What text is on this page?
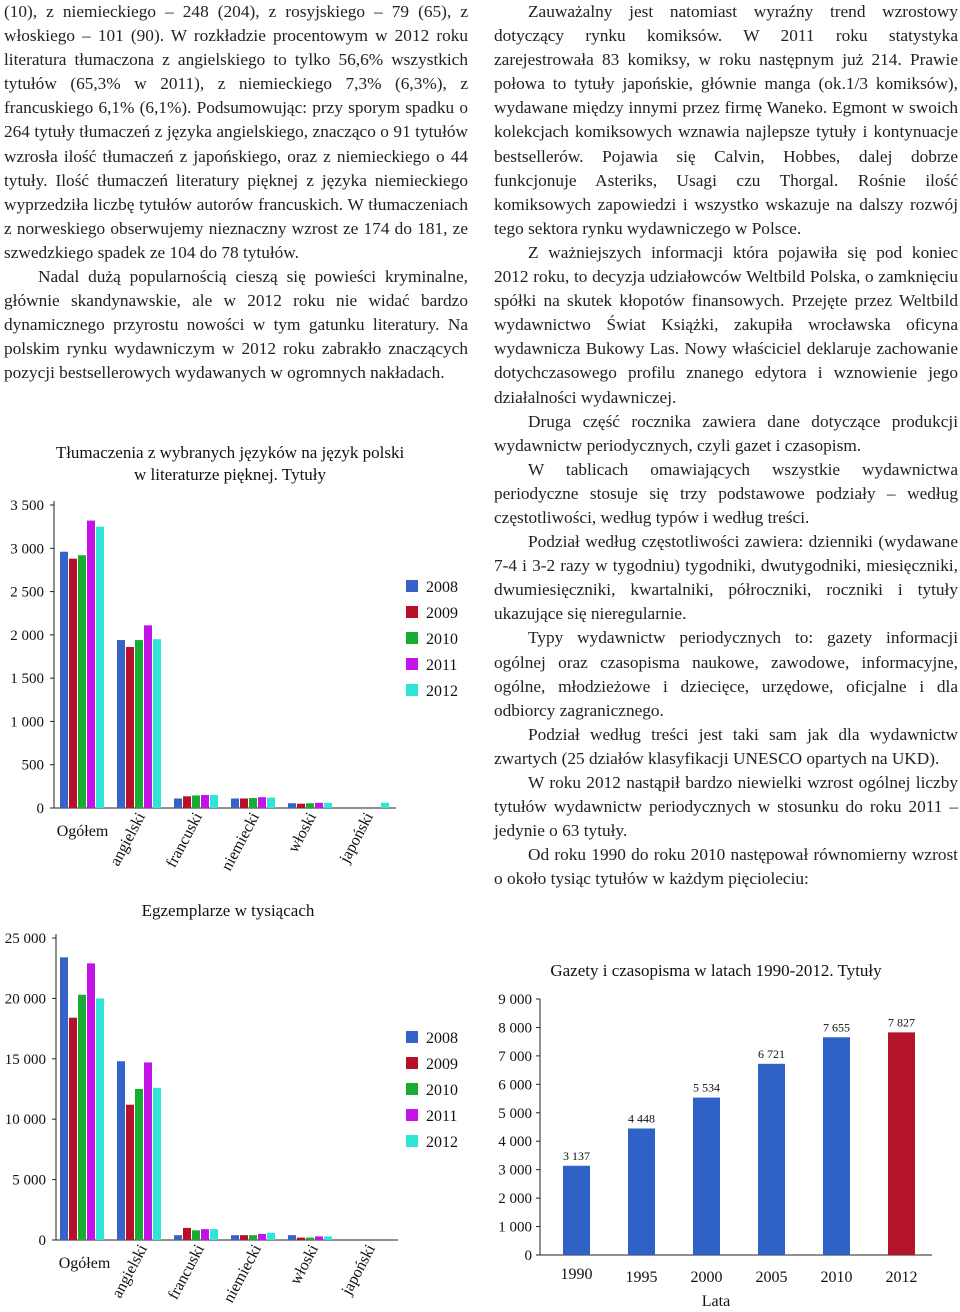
(10), z niemieckiego – 248 (204), z rosyjskiego – 79 (65), z włoskiego – 101 (90). W rozkładzie procentowym w 2012 roku literatura tłumaczona z angielskiego to tylko 56,6% wszystkich tytułów (65,3% w 2011), z niemieckiego 7,3% (6,3%), z francuskiego 6,1% (6,1%). Podsumowując: przy sporym spadku o 264 tytuły tłumaczeń z języka angielskiego, znacząco o 91 tytułów wzrosła ilość tłumaczeń z japońskiego, oraz z niemieckiego o 44 tytuły. Ilość tłumaczeń literatury pięknej z języka niemieckiego wyprzedziła liczbę tytułów autorów francuskich. W tłumaczeniach z norweskiego obserwujemy nieznaczny wzrost ze 174 do 181, ze szwedzkiego spadek ze 104 do 78 tytułów.

Nadal dużą popularnością cieszą się powieści kryminalne, głównie skandynawskie, ale w 2012 roku nie widać bardzo dynamicznego przyrostu nowości w tym gatunku literatury. Na polskim rynku wydawniczym w 2012 roku zabrakło znaczących pozycji bestsellerowych wydawanych w ogromnych nakładach.

Zauważalny jest natomiast wyraźny trend wzrostowy dotyczący rynku komiksów. W 2011 roku statystyka zarejestrowała 83 komiksy, w roku następnym już 214. Prawie połowa to tytuły japońskie, głównie manga (ok.1/3 komiksów), wydawane między innymi przez firmę Waneko. Egmont w swoich kolekcjach komiksowych wznawia najlepsze tytuły i kontynuacje bestsellerów. Pojawia się Calvin, Hobbes, dalej dobrze funkcjonuje Asteriks, Usagi czu Thorgal. Rośnie ilość komiksowych zapowiedzi i wszystko wskazuje na dalszy rozwój tego sektora rynku wydawniczego w Polsce.

Z ważniejszych informacji która pojawiła się pod koniec 2012 roku, to decyzja udziałowców Weltbild Polska, o zamknięciu spółki na skutek kłopotów finansowych. Przejęte przez Weltbild wydawnictwo Świat Książki, zakupiła wrocławska oficyna wydawnicza Bukowy Las. Nowy właściciel deklaruje zachowanie dotychczasowego profilu znanego edytora i wznowienie jego działalności wydawniczej.

Druga część rocznika zawiera dane dotyczące produkcji wydawnictw periodycznych, czyli gazet i czasopism.

W tablicach omawiających wszystkie wydawnictwa periodyczne stosuje się trzy podstawowe podziały – według częstotliwości, według typów i według treści.

Podział według częstotliwości zawiera: dzienniki (wydawane 7-4 i 3-2 razy w tygodniu) tygodniki, dwutygodniki, miesięczniki, dwumiesięczniki, kwartalniki, półroczniki, roczniki i tytuły ukazujące się nieregularnie.

Typy wydawnictw periodycznych to: gazety informacji ogólnej oraz czasopisma naukowe, zawodowe, informacyjne, ogólne, młodzieżowe i dziecięce, urzędowe, oficjalne i dla odbiorcy zagranicznego.

Podział według treści jest taki sam jak dla wydawnictw zwartych (25 działów klasyfikacji UNESCO opartych na UKD).

W roku 2012 nastąpił bardzo niewielki wzrost ogólnej liczby tytułów wydawnictw periodycznych w stosunku do roku 2011 – jedynie o 63 tytuły.

Od roku 1990 do roku 2010 następował równomierny wzrost o około tysiąc tytułów w każdym pięcioleciu:

Tłumaczenia z wybranych języków na język polski
w literaturze pięknej. Tytuły
0
500
1 000
1 500
2 000
2 500
3 000
3 500
Ogółem
angielski francuski niemiecki włoski japoński
2008
2009
2010
2011
2012
Egzemplarze w tysiącach
0
5 000
10 000
15 000
20 000
25 000
Ogółem
angielski francuski niemiecki włoski japoński
2008
2009
2010
2011
2012
Gazety i czasopisma w latach 1990-2012. Tytuły
0
1 000
2 000
3 000
4 000
5 000
6 000
7 000
8 000
9 000
3 137
1990
4 448
1995
5 534
2000
6 721
2005
7 655
2010
7 827
2012
Lata
